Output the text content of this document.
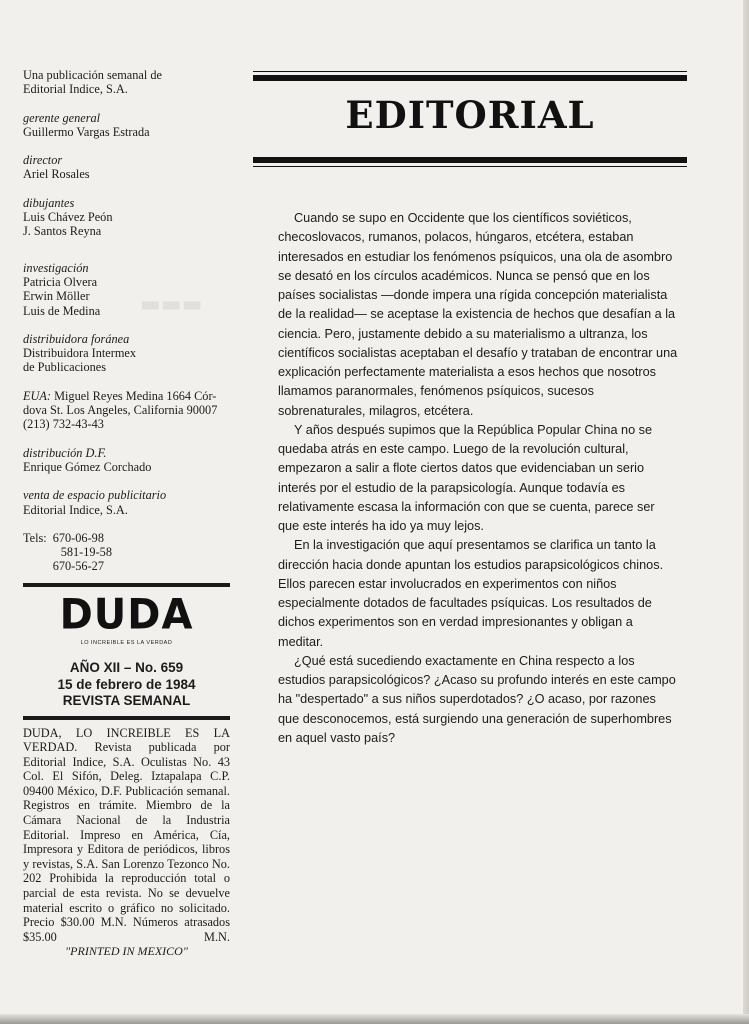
▬▬▬
Una publicación semanal de
Editorial Indice, S.A.
gerente general
Guillermo Vargas Estrada
director
Ariel Rosales
dibujantes
Luis Chávez Peón
J. Santos Reyna
investigación
Patricia Olvera
Erwin Möller
Luis de Medina
distribuidora foránea
Distribuidora Intermex
de Publicaciones
EUA: Miguel Reyes Medina 1664 Cór-
dova St. Los Angeles, California 90007
(213) 732-43-43
distribución D.F.
Enrique Gómez Corchado
venta de espacio publicitario
Editorial Indice, S.A.
Tels: 670-06-98
581-19-58
670-56-27
DUDA
LO INCREIBLE ES LA VERDAD
AÑO XII – No. 659
15 de febrero de 1984
REVISTA SEMANAL
DUDA, LO INCREIBLE ES LA VERDAD. Revista publicada por Editorial Indice, S.A. Oculistas No. 43 Col. El Sifón, Deleg. Iztapalapa C.P. 09400 México, D.F. Publicación semanal. Registros en trámite. Miembro de la Cámara Nacional de la Industria Editorial. Impreso en América, Cía, Impresora y Editora de periódicos, libros y revistas, S.A. San Lorenzo Tezonco No. 202 Prohibida la reproducción total o parcial de esta revista. No se devuelve material escrito o gráfico no solicitado. Precio $30.00 M.N. Números atrasados $35.00 M.N.
"PRINTED IN MEXICO"
EDITORIAL

Cuando se supo en Occidente que los científicos soviéticos, checoslovacos, rumanos, polacos, húngaros, etcétera, estaban interesados en estudiar los fenómenos psíquicos, una ola de asombro se desató en los círculos académicos. Nunca se pensó que en los países socialistas —donde impera una rígida concepción materialista de la realidad— se aceptase la existencia de hechos que desafían a la ciencia. Pero, justamente debido a su materialismo a ultranza, los científicos socialistas aceptaban el desafío y trataban de encontrar una explicación perfectamente materialista a esos hechos que nosotros llamamos paranormales, fenómenos psíquicos, sucesos sobrenaturales, milagros, etcétera.

Y años después supimos que la República Popular China no se quedaba atrás en este campo. Luego de la revolución cultural, empezaron a salir a flote ciertos datos que evidenciaban un serio interés por el estudio de la parapsicología. Aunque todavía es relativamente escasa la información con que se cuenta, parece ser que este interés ha ido ya muy lejos.

En la investigación que aquí presentamos se clarifica un tanto la dirección hacia donde apuntan los estudios parapsicológicos chinos. Ellos parecen estar involucrados en experimentos con niños especialmente dotados de facultades psíquicas. Los resultados de dichos experimentos son en verdad impresionantes y obligan a meditar.

¿Qué está sucediendo exactamente en China respecto a los estudios parapsicológicos? ¿Acaso su profundo interés en este campo ha "despertado" a sus niños superdotados? ¿O acaso, por razones que desconocemos, está surgiendo una generación de superhombres en aquel vasto país?
